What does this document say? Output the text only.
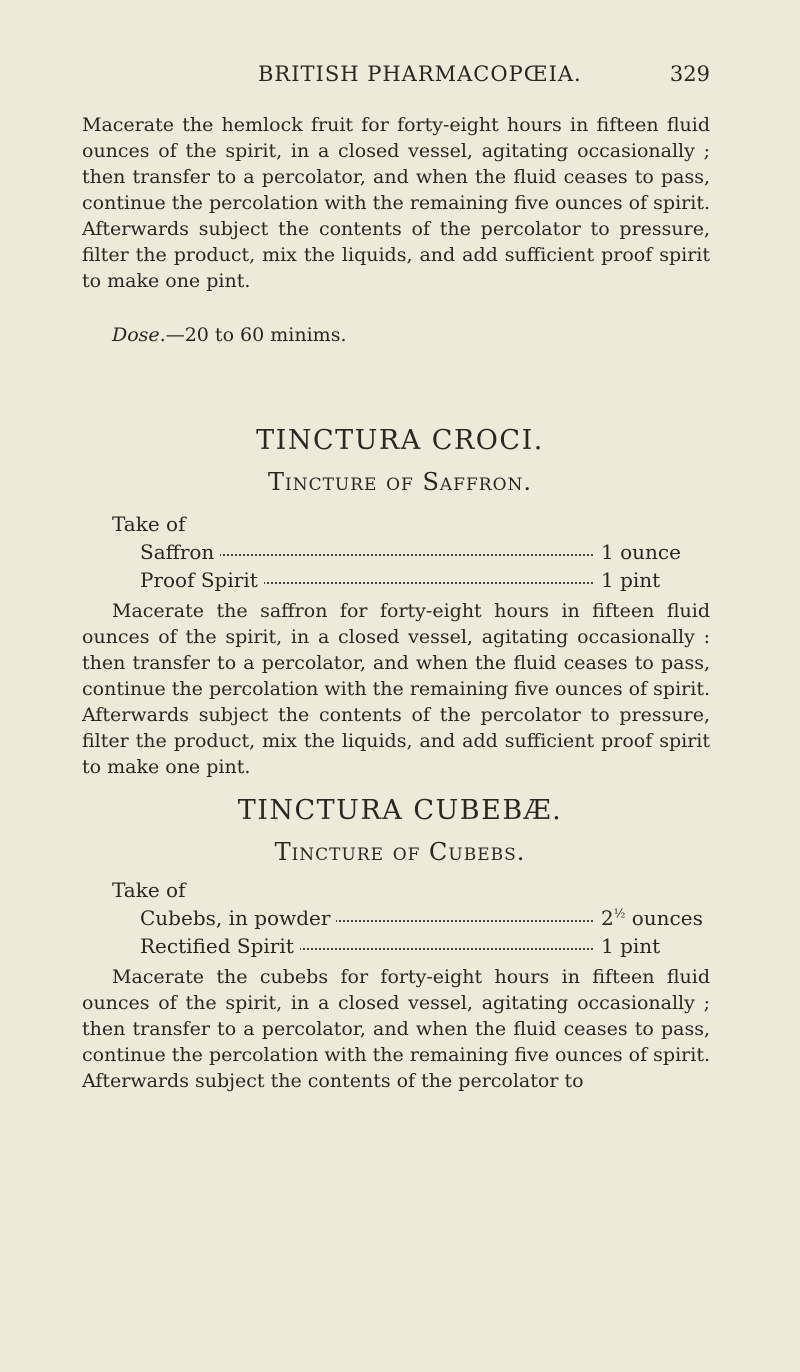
BRITISH PHARMACOPŒIA.	329

Macerate the hemlock fruit for forty-eight hours in fifteen fluid ounces of the spirit, in a closed vessel, agitating occasionally ; then transfer to a percolator, and when the fluid ceases to pass, continue the percolation with the remaining five ounces of spirit. Afterwards subject the contents of the percolator to pressure, filter the product, mix the liquids, and add sufficient proof spirit to make one pint.

Dose.—20 to 60 minims.
TINCTURA CROCI.
Tincture of Saffron.
Take of
Saffron	1 ounce
Proof Spirit	1 pint

Macerate the saffron for forty-eight hours in fifteen fluid ounces of the spirit, in a closed vessel, agitating occasionally : then transfer to a percolator, and when the fluid ceases to pass, continue the percolation with the remaining five ounces of spirit. Afterwards subject the contents of the percolator to pressure, filter the product, mix the liquids, and add sufficient proof spirit to make one pint.

TINCTURA CUBEBÆ.
Tincture of Cubebs.
Take of
Cubebs, in powder	$2^{\frac{1}{2}}$ ounces
Rectified Spirit	1 pint

Macerate the cubebs for forty-eight hours in fifteen fluid ounces of the spirit, in a closed vessel, agitating occasionally ; then transfer to a percolator, and when the fluid ceases to pass, continue the percolation with the remaining five ounces of spirit. Afterwards subject the contents of the percolator to
